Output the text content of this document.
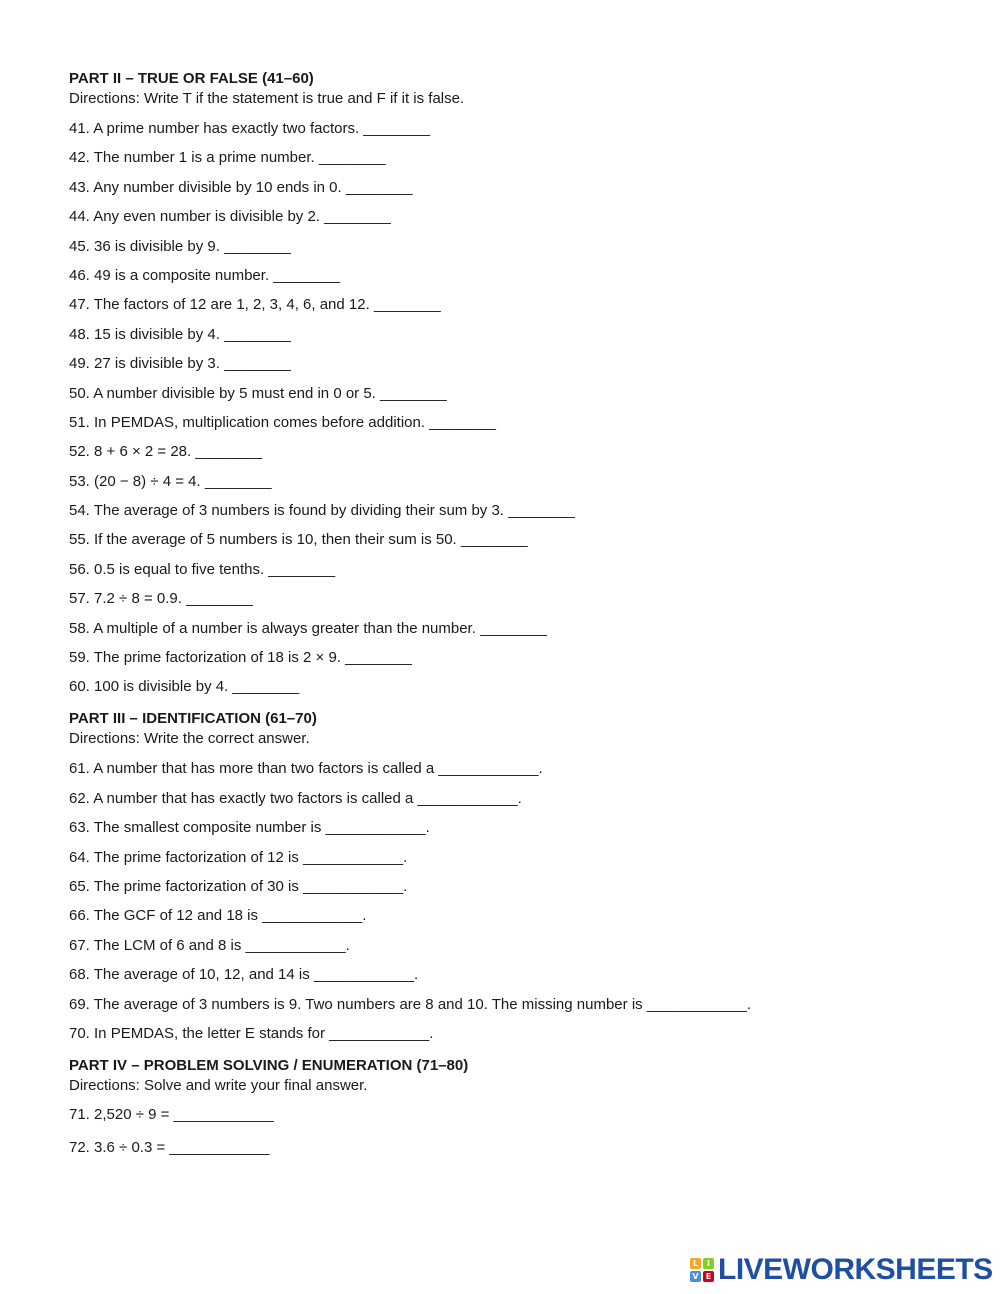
PART II – TRUE OR FALSE (41–60)

Directions: Write T if the statement is true and F if it is false.

41. A prime number has exactly two factors. ________
42. The number 1 is a prime number. ________
43. Any number divisible by 10 ends in 0. ________
44. Any even number is divisible by 2. ________
45. 36 is divisible by 9. ________
46. 49 is a composite number. ________
47. The factors of 12 are 1, 2, 3, 4, 6, and 12. ________
48. 15 is divisible by 4. ________
49. 27 is divisible by 3. ________
50. A number divisible by 5 must end in 0 or 5. ________
51. In PEMDAS, multiplication comes before addition. ________
52. 8 + 6 × 2 = 28. ________
53. (20 − 8) ÷ 4 = 4. ________
54. The average of 3 numbers is found by dividing their sum by 3. ________
55. If the average of 5 numbers is 10, then their sum is 50. ________
56. 0.5 is equal to five tenths. ________
57. 7.2 ÷ 8 = 0.9. ________
58. A multiple of a number is always greater than the number. ________
59. The prime factorization of 18 is 2 × 9. ________
60. 100 is divisible by 4. ________
PART III – IDENTIFICATION (61–70)

Directions: Write the correct answer.

61. A number that has more than two factors is called a ____________.
62. A number that has exactly two factors is called a ____________.
63. The smallest composite number is ____________.
64. The prime factorization of 12 is ____________.
65. The prime factorization of 30 is ____________.
66. The GCF of 12 and 18 is ____________.
67. The LCM of 6 and 8 is ____________.
68. The average of 10, 12, and 14 is ____________.
69. The average of 3 numbers is 9. Two numbers are 8 and 10. The missing number is ____________.
70. In PEMDAS, the letter E stands for ____________.
PART IV – PROBLEM SOLVING / ENUMERATION (71–80)

Directions: Solve and write your final answer.

71. 2,520 ÷ 9 = ____________
72. 3.6 ÷ 0.3 = ____________
L	I
V E LIVEWORKSHEETS
